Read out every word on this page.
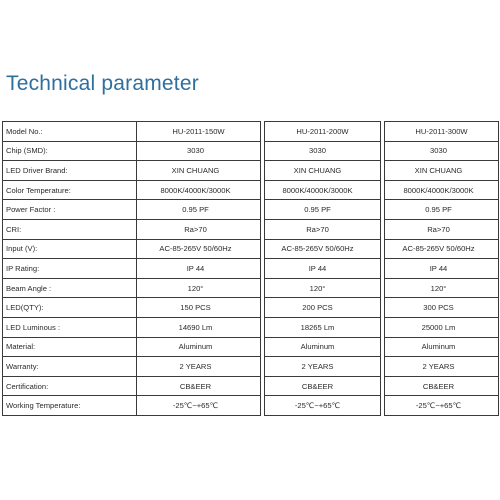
Technical parameter
Model No.:	HU-2011-150W		HU-2011-200W		HU-2011-300W
Chip (SMD):	3030		3030		3030
LED Driver Brand:	XIN CHUANG		XIN CHUANG		XIN CHUANG
Color Temperature:	8000K/4000K/3000K		8000K/4000K/3000K		8000K/4000K/3000K
Power Factor :	0.95 PF		0.95 PF		0.95 PF
CRI:	Ra>70		Ra>70		Ra>70
Input (V):	AC-85-265V 50/60Hz		AC-85-265V 50/60Hz		AC-85-265V 50/60Hz
IP Rating:	IP 44		IP 44		IP 44
Beam Angle :	120°		120°		120°
LED(QTY):	150 PCS		200 PCS		300 PCS
LED Luminous :	14690 Lm		18265 Lm		25000 Lm
Material:	Aluminum		Aluminum		Aluminum
Warranty:	2 YEARS		2 YEARS		2 YEARS
Certification:	CB&EER		CB&EER		CB&EER
Working Temperature:	-25℃~+65℃		-25℃~+65℃		-25℃~+65℃
